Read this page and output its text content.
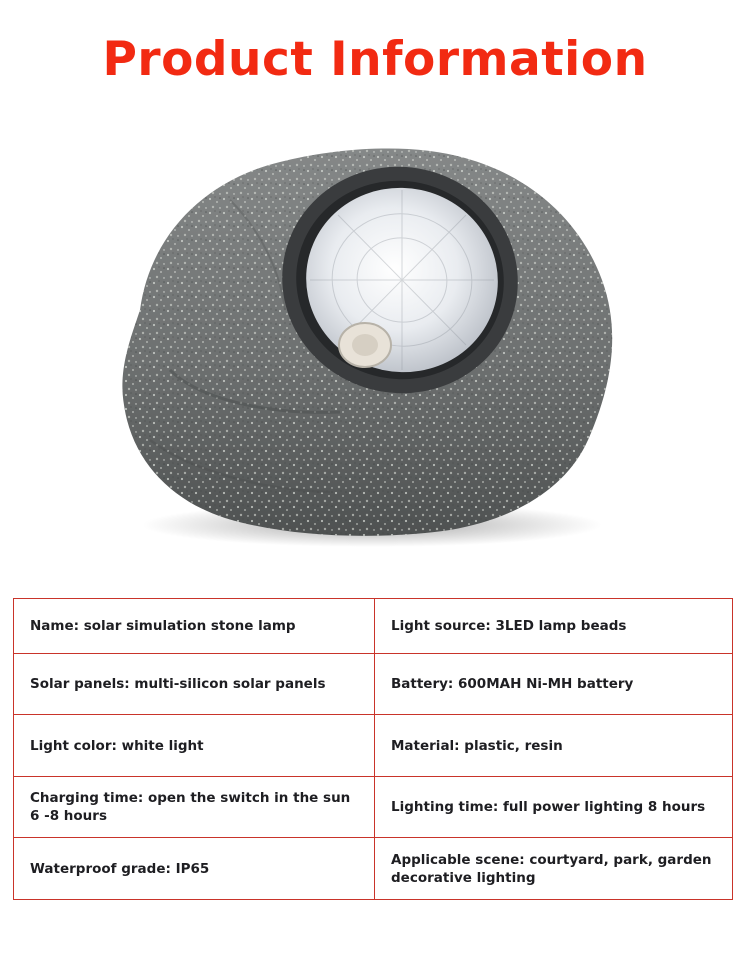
Product Information
Name: solar simulation stone lamp	Light source: 3LED lamp beads
Solar panels: multi-silicon solar panels	Battery: 600MAH Ni-MH battery
Light color: white light	Material: plastic, resin
Charging time: open the switch in the sun 6 -8 hours	Lighting time: full power lighting 8 hours
Waterproof grade: IP65	Applicable scene: courtyard, park, garden decorative lighting
